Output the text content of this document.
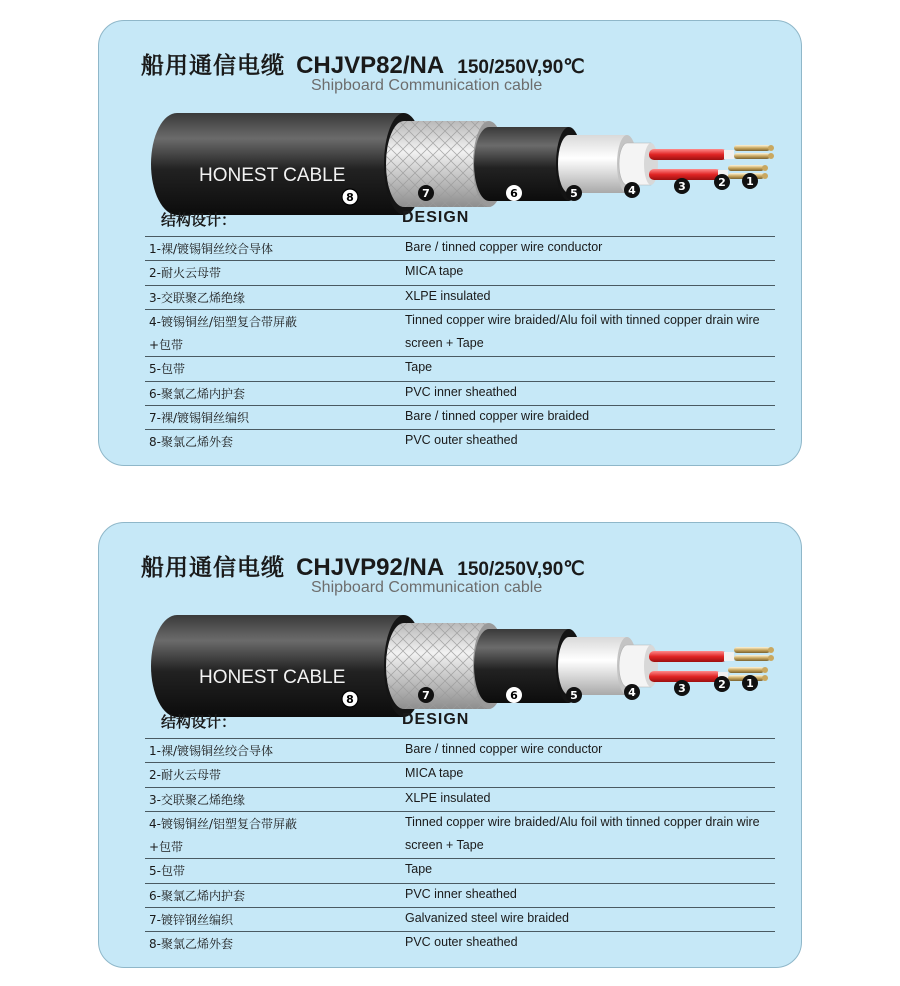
船用通信电缆 CHJVP82/NA 150/250V,90℃
Shipboard Communication cable
HONEST CABLE
8	7	6	5	4	3	2 1
结构设计：	DESIGN
1-裸/镀锡铜丝绞合导体	Bare / tinned copper wire conductor
2-耐火云母带	MICA tape
3-交联聚乙烯绝缘	XLPE insulated
4-镀锡铜丝/铝塑复合带屏蔽	Tinned copper wire braided/Alu foil with tinned copper drain wire
+包带	screen + Tape
5-包带	Tape
6-聚氯乙烯内护套	PVC inner sheathed
7-裸/镀锡铜丝编织	Bare / tinned copper wire braided
8-聚氯乙烯外套	PVC outer sheathed
船用通信电缆 CHJVP92/NA 150/250V,90℃
Shipboard Communication cable
HONEST CABLE
8	7	6	5	4	3	2 1
结构设计：	DESIGN
1-裸/镀锡铜丝绞合导体	Bare / tinned copper wire conductor
2-耐火云母带	MICA tape
3-交联聚乙烯绝缘	XLPE insulated
4-镀锡铜丝/铝塑复合带屏蔽	Tinned copper wire braided/Alu foil with tinned copper drain wire
+包带	screen + Tape
5-包带	Tape
6-聚氯乙烯内护套	PVC inner sheathed
7-镀锌钢丝编织	Galvanized steel wire braided
8-聚氯乙烯外套	PVC outer sheathed
